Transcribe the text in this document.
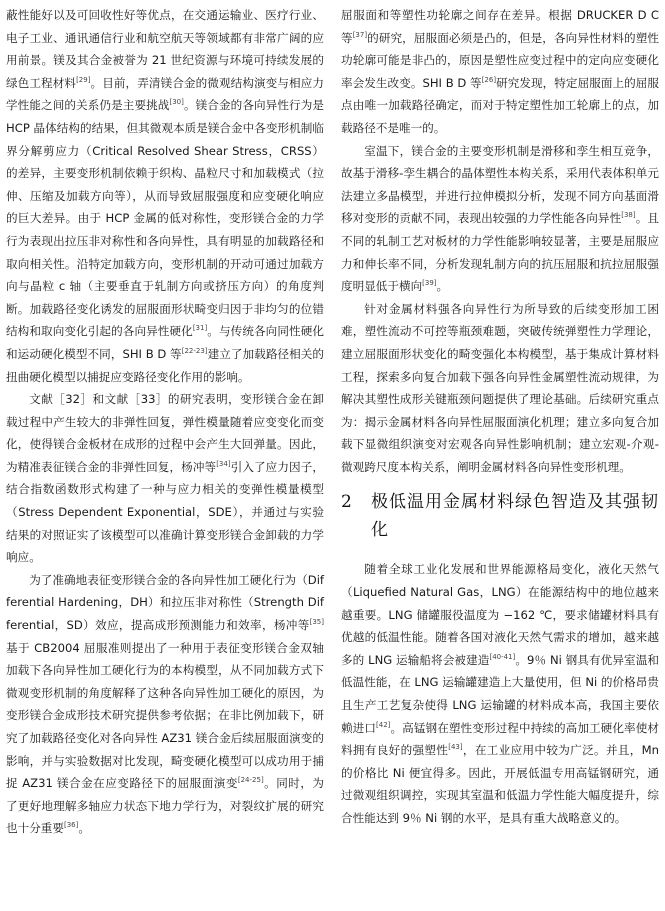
蔽性能好以及可回收性好等优点，在交通运输业、医疗行业、电子工业、通讯通信行业和航空航天等领域都有非常广阔的应用前景。镁及其合金被誉为 21 世纪资源与环境可持续发展的绿色工程材料[29]。目前，弄清镁合金的微观结构演变与相应力学性能之间的关系仍是主要挑战[30]。镁合金的各向异性行为是 HCP 晶体结构的结果，但其微观本质是镁合金中各变形机制临界分解剪应力（Critical Resolved Shear Stress，CRSS）的差异，主要变形机制依赖于织构、晶粒尺寸和加载模式（拉伸、压缩及加载方向等），从而导致屈服强度和应变硬化响应的巨大差异。由于 HCP 金属的低对称性，变形镁合金的力学行为表现出拉压非对称性和各向异性，具有明显的加载路径和取向相关性。沿特定加载方向，变形机制的开动可通过加载方向与晶粒 c 轴（主要垂直于轧制方向或挤压方向）的角度判断。加载路径变化诱发的屈服面形状畸变归因于非均匀的位错结构和取向变化引起的各向异性硬化[31]。与传统各向同性硬化和运动硬化模型不同，SHI B D 等[22-23]建立了加载路径相关的扭曲硬化模型以捕捉应变路径变化作用的影响。

文献［32］和文献［33］的研究表明，变形镁合金在卸载过程中产生较大的非弹性回复，弹性模量随着应变变化而变化，使得镁合金板材在成形的过程中会产生大回弹量。因此，为精准表征镁合金的非弹性回复，杨冲等[34]引入了应力因子，结合指数函数形式构建了一种与应力相关的变弹性模量模型（Stress Dependent Exponential，SDE），并通过与实验结果的对照证实了该模型可以准确计算变形镁合金卸载的力学响应。

为了准确地表征变形镁合金的各向异性加工硬化行为（Differential Hardening，DH）和拉压非对称性（Strength Differential，SD）效应，提高成形预测能力和效率，杨冲等[35]基于 CB2004 屈服准则提出了一种用于表征变形镁合金双轴加载下各向异性加工硬化行为的本构模型，从不同加载方式下微观变形机制的角度解释了这种各向异性加工硬化的原因，为变形镁合金成形技术研究提供参考依据；在非比例加载下，研究了加载路径变化对各向异性 AZ31 镁合金后续屈服面演变的影响，并与实验数据对比发现，畸变硬化模型可以成功用于捕捉 AZ31 镁合金在应变路径下的屈服面演变[24-25]。同时，为了更好地理解多轴应力状态下地力学行为，对裂纹扩展的研究也十分重要[36]。

屈服面和等塑性功轮廓之间存在差异。根据 DRUCKER D C 等[37]的研究，屈服面必须是凸的，但是，各向异性材料的塑性功轮廓可能是非凸的，原因是塑性应变过程中的定向应变硬化率会发生改变。SHI B D 等[26]研究发现，特定屈服面上的屈服点由唯一加载路径确定，而对于特定塑性加工轮廓上的点，加载路径不是唯一的。

室温下，镁合金的主要变形机制是滑移和孪生相互竞争，故基于滑移-孪生耦合的晶体塑性本构关系，采用代表体积单元法建立多晶模型，并进行拉伸模拟分析，发现不同方向基面滑移对变形的贡献不同，表现出较强的力学性能各向异性[38]。且不同的轧制工艺对板材的力学性能影响较显著，主要是屈服应力和伸长率不同，分析发现轧制方向的抗压屈服和抗拉屈服强度明显低于横向[39]。

针对金属材料强各向异性行为所导致的后续变形加工困难，塑性流动不可控等瓶颈难题，突破传统弹塑性力学理论，建立屈服面形状变化的畸变强化本构模型，基于集成计算材料工程，探索多向复合加载下强各向异性金属塑性流动规律，为解决其塑性成形关键瓶颈问题提供了理论基础。后续研究重点为：揭示金属材料各向异性屈服面演化机理；建立多向复合加载下显微组织演变对宏观各向异性影响机制；建立宏观-介观-微观跨尺度本构关系，阐明金属材料各向异性变形机理。

2	极低温用金属材料绿色智造及其强韧化

随着全球工业化发展和世界能源格局变化，液化天然气（Liquefied Natural Gas，LNG）在能源结构中的地位越来越重要。LNG 储罐服役温度为 −162 ℃，要求储罐材料具有优越的低温性能。随着各国对液化天然气需求的增加，越来越多的 LNG 运输船将会被建造[40-41]。9％ Ni 钢具有优异室温和低温性能，在 LNG 运输罐建造上大量使用，但 Ni 的价格昂贵且生产工艺复杂使得 LNG 运输罐的材料成本高，我国主要依赖进口[42]。高锰钢在塑性变形过程中持续的高加工硬化率使材料拥有良好的强塑性[43]，在工业应用中较为广泛。并且，Mn 的价格比 Ni 便宜得多。因此，开展低温专用高锰钢研究，通过微观组织调控，实现其室温和低温力学性能大幅度提升，综合性能达到 9％ Ni 钢的水平，是具有重大战略意义的。
